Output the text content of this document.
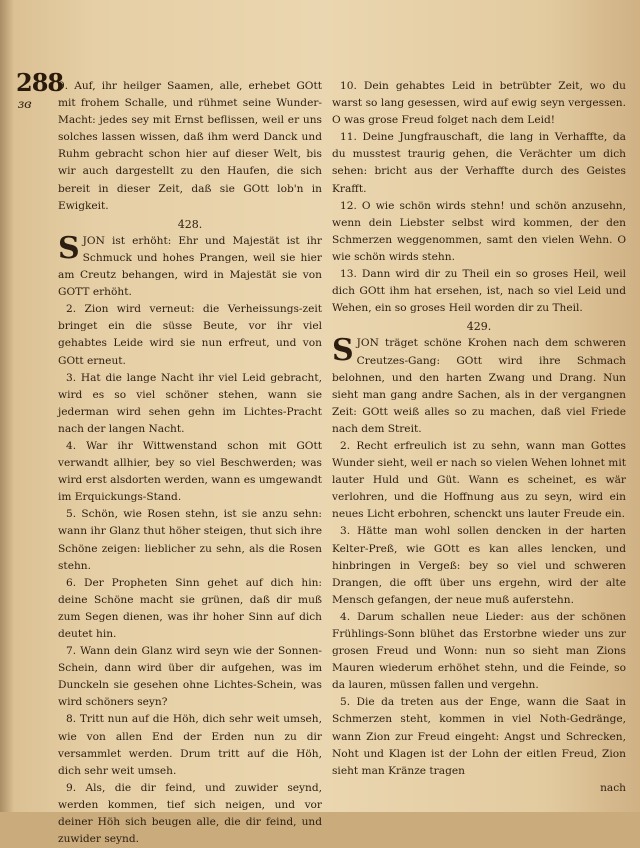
288
ɜɞ

9. Auf, ihr heilger Saamen, alle, erhebet GOtt mit frohem Schalle, und rühmet seine Wunder-Macht: jedes sey mit Ernst beflissen, weil er uns solches lassen wissen, daß ihm werd Danck und Ruhm gebracht schon hier auf dieser Welt, bis wir auch dargestellt zu den Haufen, die sich bereit in dieser Zeit, daß sie GOtt lob'n in Ewigkeit.

428.

SJON ist erhöht: Ehr und Majestät ist ihr Schmuck und hohes Prangen, weil sie hier am Creutz behangen, wird in Majestät sie von GOTT erhöht.

2. Zion wird verneut: die Verheissungs-zeit bringet ein die süsse Beute, vor ihr viel gehabtes Leide wird sie nun erfreut, und von GOtt erneut.

3. Hat die lange Nacht ihr viel Leid gebracht, wird es so viel schöner stehen, wann sie jederman wird sehen gehn im Lichtes-Pracht nach der langen Nacht.

4. War ihr Wittwenstand schon mit GOtt verwandt allhier, bey so viel Beschwerden; was wird erst alsdorten werden, wann es umgewandt im Erquickungs-Stand.

5. Schön, wie Rosen stehn, ist sie anzu sehn: wann ihr Glanz thut höher steigen, thut sich ihre Schöne zeigen: lieblicher zu sehn, als die Rosen stehn.

6. Der Propheten Sinn gehet auf dich hin: deine Schöne macht sie grünen, daß dir muß zum Segen dienen, was ihr hoher Sinn auf dich deutet hin.

7. Wann dein Glanz wird seyn wie der Sonnen-Schein, dann wird über dir aufgehen, was im Dunckeln sie gesehen ohne Lichtes-Schein, was wird schöners seyn?

8. Tritt nun auf die Höh, dich sehr weit umseh, wie von allen End der Erden nun zu dir versammlet werden. Drum tritt auf die Höh, dich sehr weit umseh.

9. Als, die dir feind, und zuwider seynd, werden kommen, tief sich neigen, und vor deiner Höh sich beugen alle, die dir feind, und zuwider seynd.

10. Dein gehabtes Leid in betrübter Zeit, wo du warst so lang gesessen, wird auf ewig seyn vergessen. O was grose Freud folget nach dem Leid!

11. Deine Jungfrauschaft, die lang in Verhaffte, da du musstest traurig gehen, die Verächter um dich sehen: bricht aus der Verhaffte durch des Geistes Krafft.

12. O wie schön wirds stehn! und schön anzusehn, wenn dein Liebster selbst wird kommen, der den Schmerzen weggenommen, samt den vielen Wehn. O wie schön wirds stehn.

13. Dann wird dir zu Theil ein so groses Heil, weil dich GOtt ihm hat ersehen, ist, nach so viel Leid und Wehen, ein so groses Heil worden dir zu Theil.

429.

SJON träget schöne Krohen nach dem schweren Creutzes-Gang: GOtt wird ihre Schmach belohnen, und den harten Zwang und Drang. Nun sieht man gang andre Sachen, als in der vergangnen Zeit: GOtt weiß alles so zu machen, daß viel Friede nach dem Streit.

2. Recht erfreulich ist zu sehn, wann man Gottes Wunder sieht, weil er nach so vielen Wehen lohnet mit lauter Huld und Güt. Wann es scheinet, es wär verlohren, und die Hoffnung aus zu seyn, wird ein neues Licht erbohren, schenckt uns lauter Freude ein.

3. Hätte man wohl sollen dencken in der harten Kelter-Preß, wie GOtt es kan alles lencken, und hinbringen in Vergeß: bey so viel und schweren Drangen, die offt über uns ergehn, wird der alte Mensch gefangen, der neue muß auferstehn.

4. Darum schallen neue Lieder: aus der schönen Frühlings-Sonn blühet das Erstorbne wieder uns zur grosen Freud und Wonn: nun so sieht man Zions Mauren wiederum erhöhet stehn, und die Feinde, so da lauren, müssen fallen und vergehn.

5. Die da treten aus der Enge, wann die Saat in Schmerzen steht, kommen in viel Noth-Gedränge, wann Zion zur Freud eingeht: Angst und Schrecken, Noht und Klagen ist der Lohn der eitlen Freud, Zion sieht man Kränze tragen

nach
